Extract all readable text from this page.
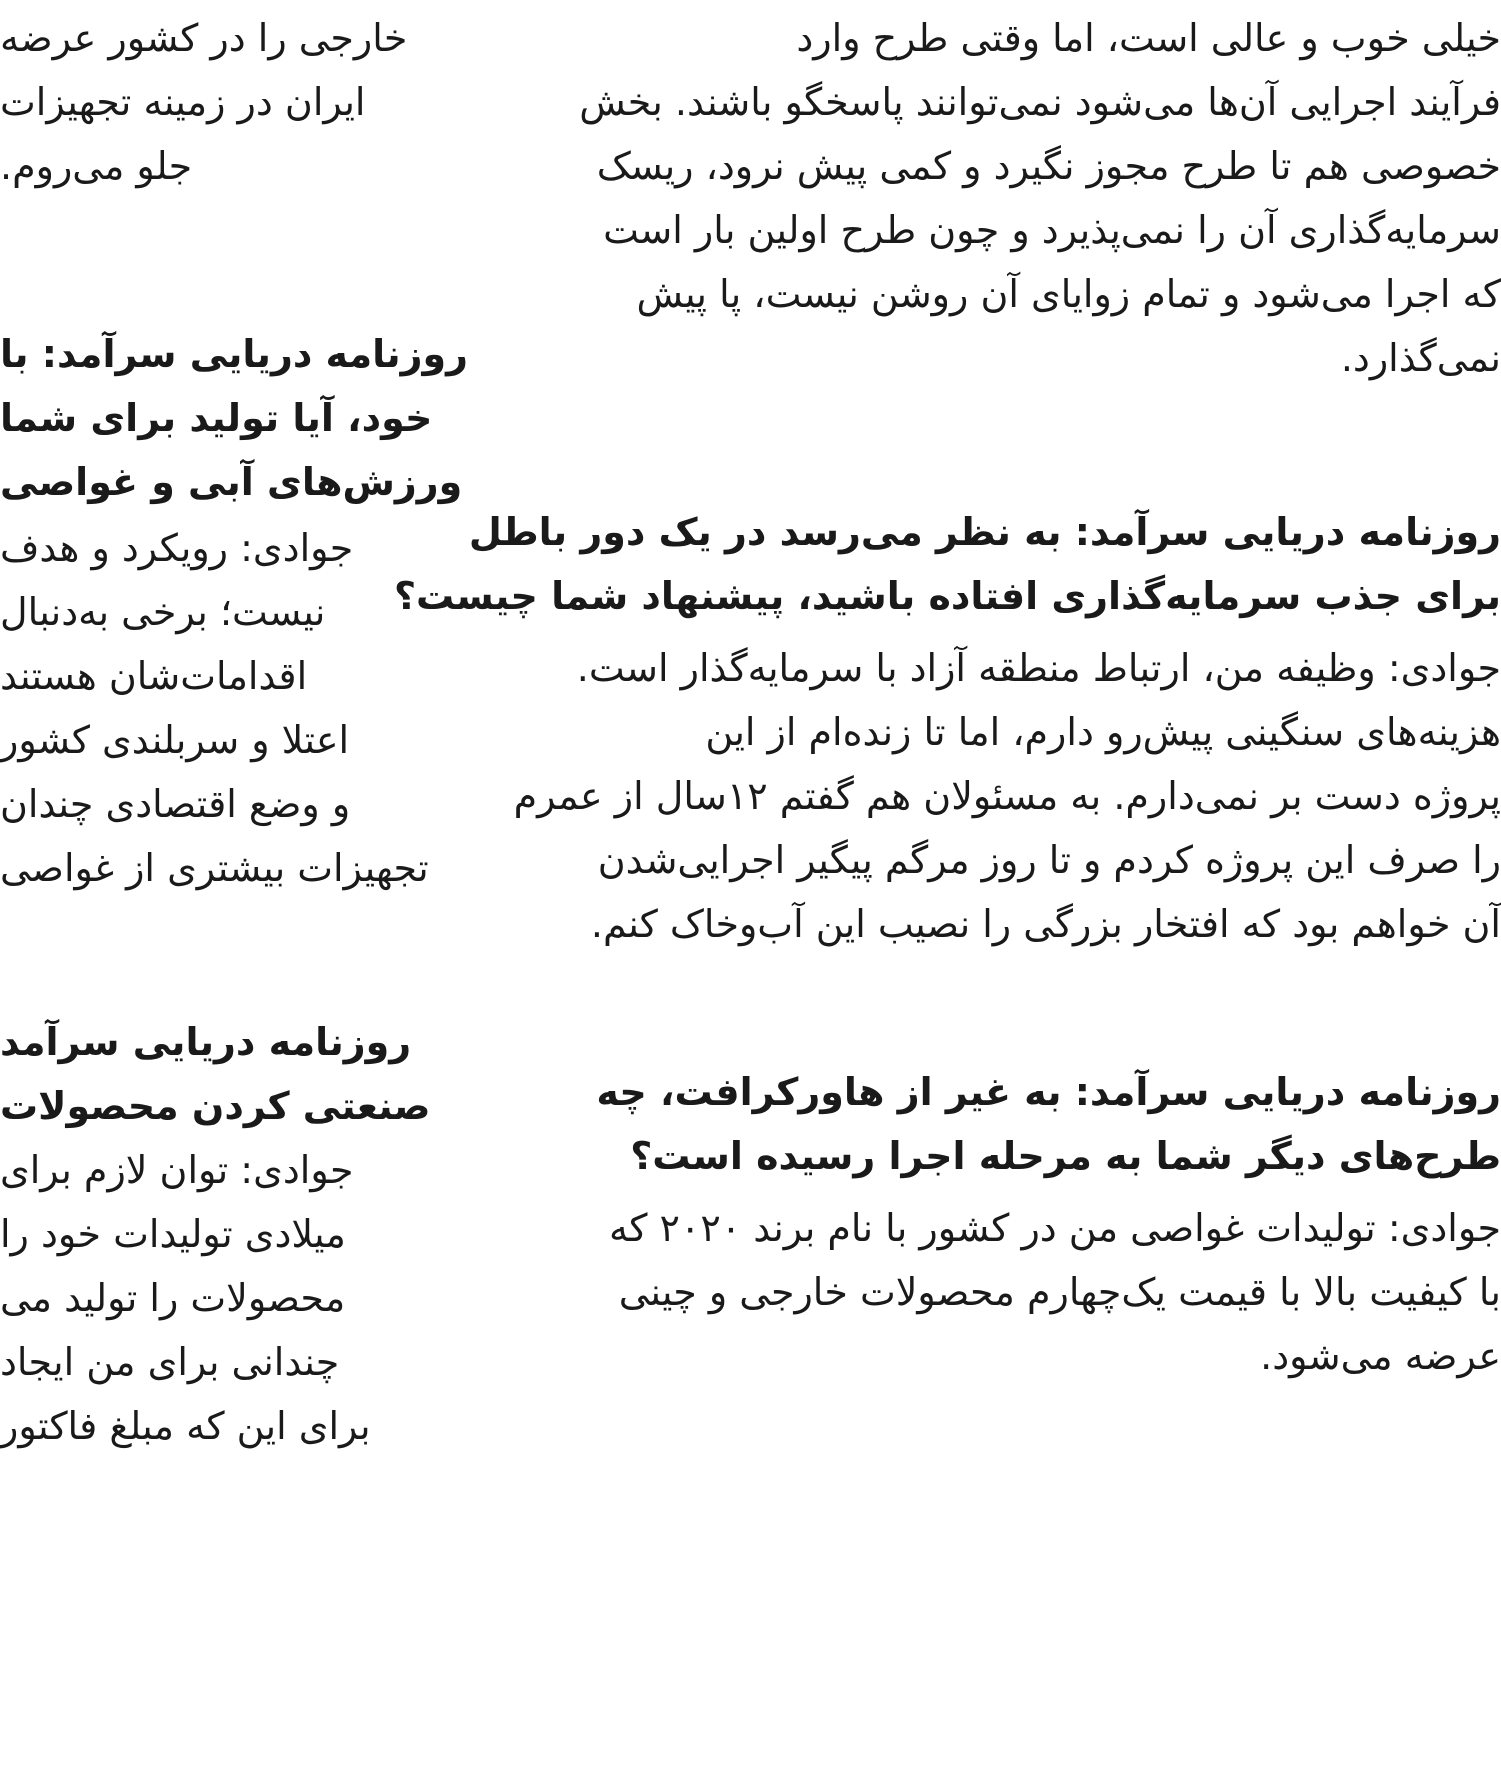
خیلی خوب و عالی است، اما وقتی طرح وارد
فرآیند اجرایی آن‌ها می‌شود نمی‌توانند پاسخگو باشند. بخش
خصوصی هم تا طرح مجوز نگیرد و کمی پیش نرود، ریسک
سرمایه‌گذاری آن را نمی‌پذیرد و چون طرح اولین بار است
که اجرا می‌شود و تمام زوایای آن روشن نیست، پا پیش
نمی‌گذارد.
روزنامه دریایی سرآمد: به نظر می‌رسد در یک دور باطل
برای جذب سرمایه‌گذاری افتاده باشید، پیشنهاد شما چیست؟
جوادی: وظیفه من، ارتباط منطقه آزاد با سرمایه‌گذار است.
هزینه‌های سنگینی پیش‌رو دارم، اما تا زنده‌ام از این
پروژه دست بر نمی‌دارم. به مسئولان هم گفتم ۱۲سال از عمرم
را صرف این پروژه کردم و تا روز مرگم پیگیر اجرایی‌شدن
آن خواهم بود که افتخار بزرگی را نصیب این آب‌وخاک کنم.
روزنامه دریایی سرآمد: به غیر از هاورکرافت، چه
طرح‌های دیگر شما به مرحله اجرا رسیده است؟
جوادی: تولیدات غواصی من در کشور با نام برند ۲۰۲۰ که
با کیفیت بالا با قیمت یک‌چهارم محصولات خارجی و چینی
عرضه می‌شود.
خارجی را در کشور عرضه
ایران در زمینه تجهیزات
جلو می‌روم.
روزنامه دریایی سرآمد: با
خود، آیا تولید برای شما
ورزش‌های آبی و غواصی
جوادی: رویکرد و هدف
نیست؛ برخی به‌دنبال
اقدامات‌شان هستند
اعتلا و سربلندی کشور
و وضع اقتصادی چندان
تجهیزات بیشتری از غواصی
روزنامه دریایی سرآمد
صنعتی کردن محصولات
جوادی: توان لازم برای
میلادی تولیدات خود را
محصولات را تولید می
چندانی برای من ایجاد
برای این که مبلغ فاکتور
